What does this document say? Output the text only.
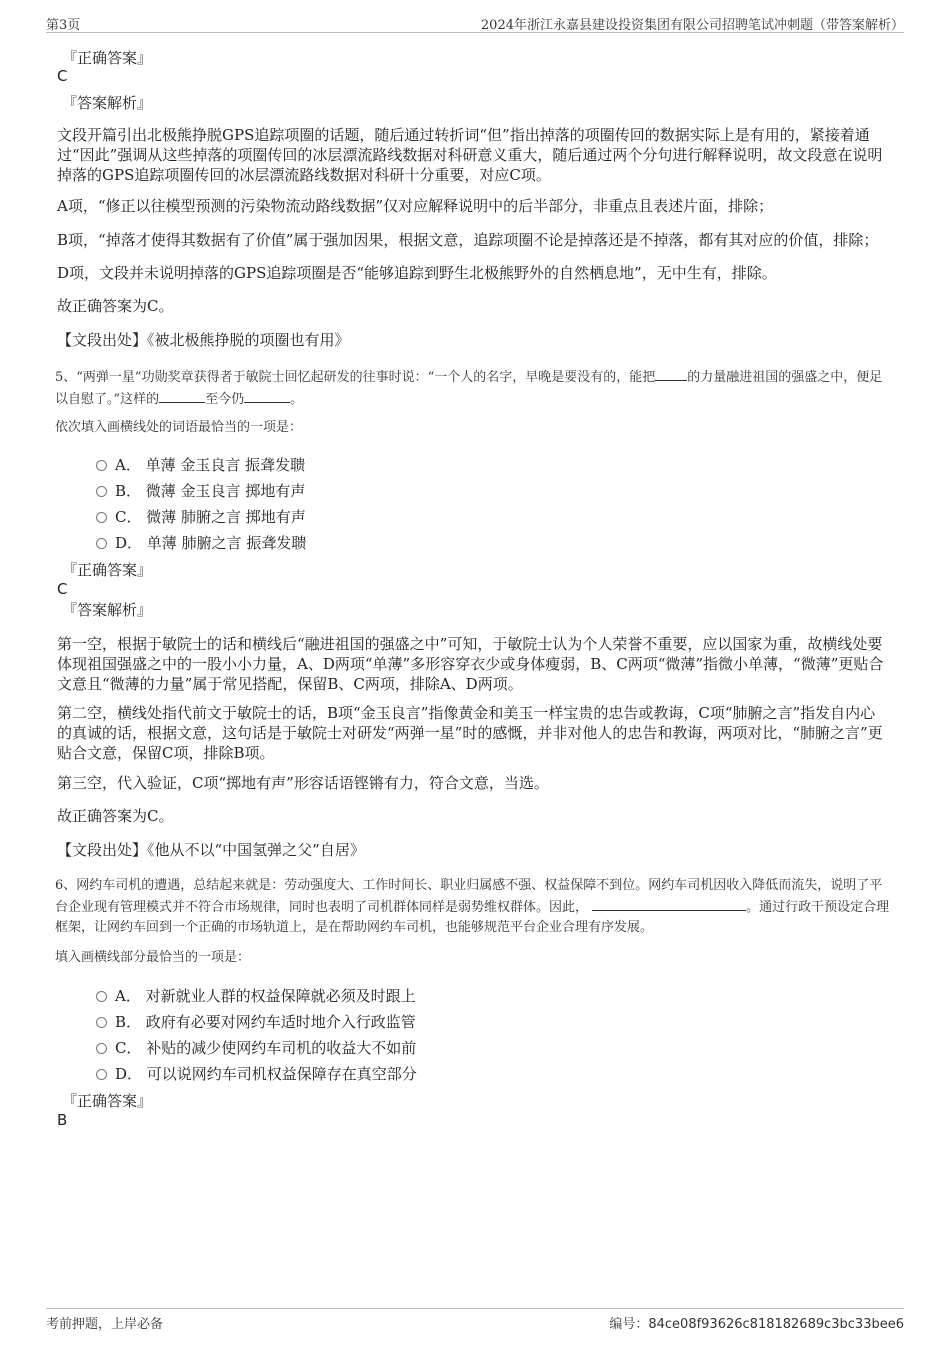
第3页	2024年浙江永嘉县建设投资集团有限公司招聘笔试冲刺题（带答案解析）
『正确答案』
C
『答案解析』

文段开篇引出北极熊挣脱GPS追踪项圈的话题，随后通过转折词“但”指出掉落的项圈传回的数据实际上是有用的，紧接着通过“因此”强调从这些掉落的项圈传回的冰层漂流路线数据对科研意义重大，随后通过两个分句进行解释说明，故文段意在说明掉落的GPS追踪项圈传回的冰层漂流路线数据对科研十分重要，对应C项。

A项，“修正以往模型预测的污染物流动路线数据”仅对应解释说明中的后半部分，非重点且表述片面，排除；

B项，“掉落才使得其数据有了价值”属于强加因果，根据文意，追踪项圈不论是掉落还是不掉落，都有其对应的价值，排除；

D项，文段并未说明掉落的GPS追踪项圈是否“能够追踪到野生北极熊野外的自然栖息地”，无中生有，排除。

故正确答案为C。

【文段出处】《被北极熊挣脱的项圈也有用》

5、“两弹一星”功勋奖章获得者于敏院士回忆起研发的往事时说：“一个人的名字，早晚是要没有的，能把 的力量融进祖国的强盛之中，便足以自慰了。”这样的	至今仍	。

依次填入画横线处的词语最恰当的一项是：

A． 单薄 金玉良言 振聋发聩
B． 微薄 金玉良言 掷地有声
C． 微薄 肺腑之言 掷地有声
D． 单薄 肺腑之言 振聋发聩
『正确答案』
C
『答案解析』

第一空，根据于敏院士的话和横线后“融进祖国的强盛之中”可知，于敏院士认为个人荣誉不重要，应以国家为重，故横线处要体现祖国强盛之中的一股小小力量，A、D两项“单薄”多形容穿衣少或身体瘦弱，B、C两项“微薄”指微小单薄，“微薄”更贴合文意且“微薄的力量”属于常见搭配，保留B、C两项，排除A、D两项。

第二空，横线处指代前文于敏院士的话，B项“金玉良言”指像黄金和美玉一样宝贵的忠告或教诲，C项“肺腑之言”指发自内心的真诚的话，根据文意，这句话是于敏院士对研发“两弹一星”时的感慨，并非对他人的忠告和教诲，两项对比，“肺腑之言”更贴合文意，保留C项，排除B项。

第三空，代入验证，C项“掷地有声”形容话语铿锵有力，符合文意，当选。

故正确答案为C。

【文段出处】《他从不以“中国氢弹之父”自居》

6、网约车司机的遭遇，总结起来就是：劳动强度大、工作时间长、职业归属感不强、权益保障不到位。网约车司机因收入降低而流失，说明了平台企业现有管理模式并不符合市场规律，同时也表明了司机群体同样是弱势维权群体。因此，	。通过行政干预设定合理框架，让网约车回到一个正确的市场轨道上，是在帮助网约车司机，也能够规范平台企业合理有序发展。

填入画横线部分最恰当的一项是：

A． 对新就业人群的权益保障就必须及时跟上
B． 政府有必要对网约车适时地介入行政监管
C． 补贴的减少使网约车司机的收益大不如前
D． 可以说网约车司机权益保障存在真空部分
『正确答案』
B
考前押题，上岸必备	编号：84ce08f93626c818182689c3bc33bee6
